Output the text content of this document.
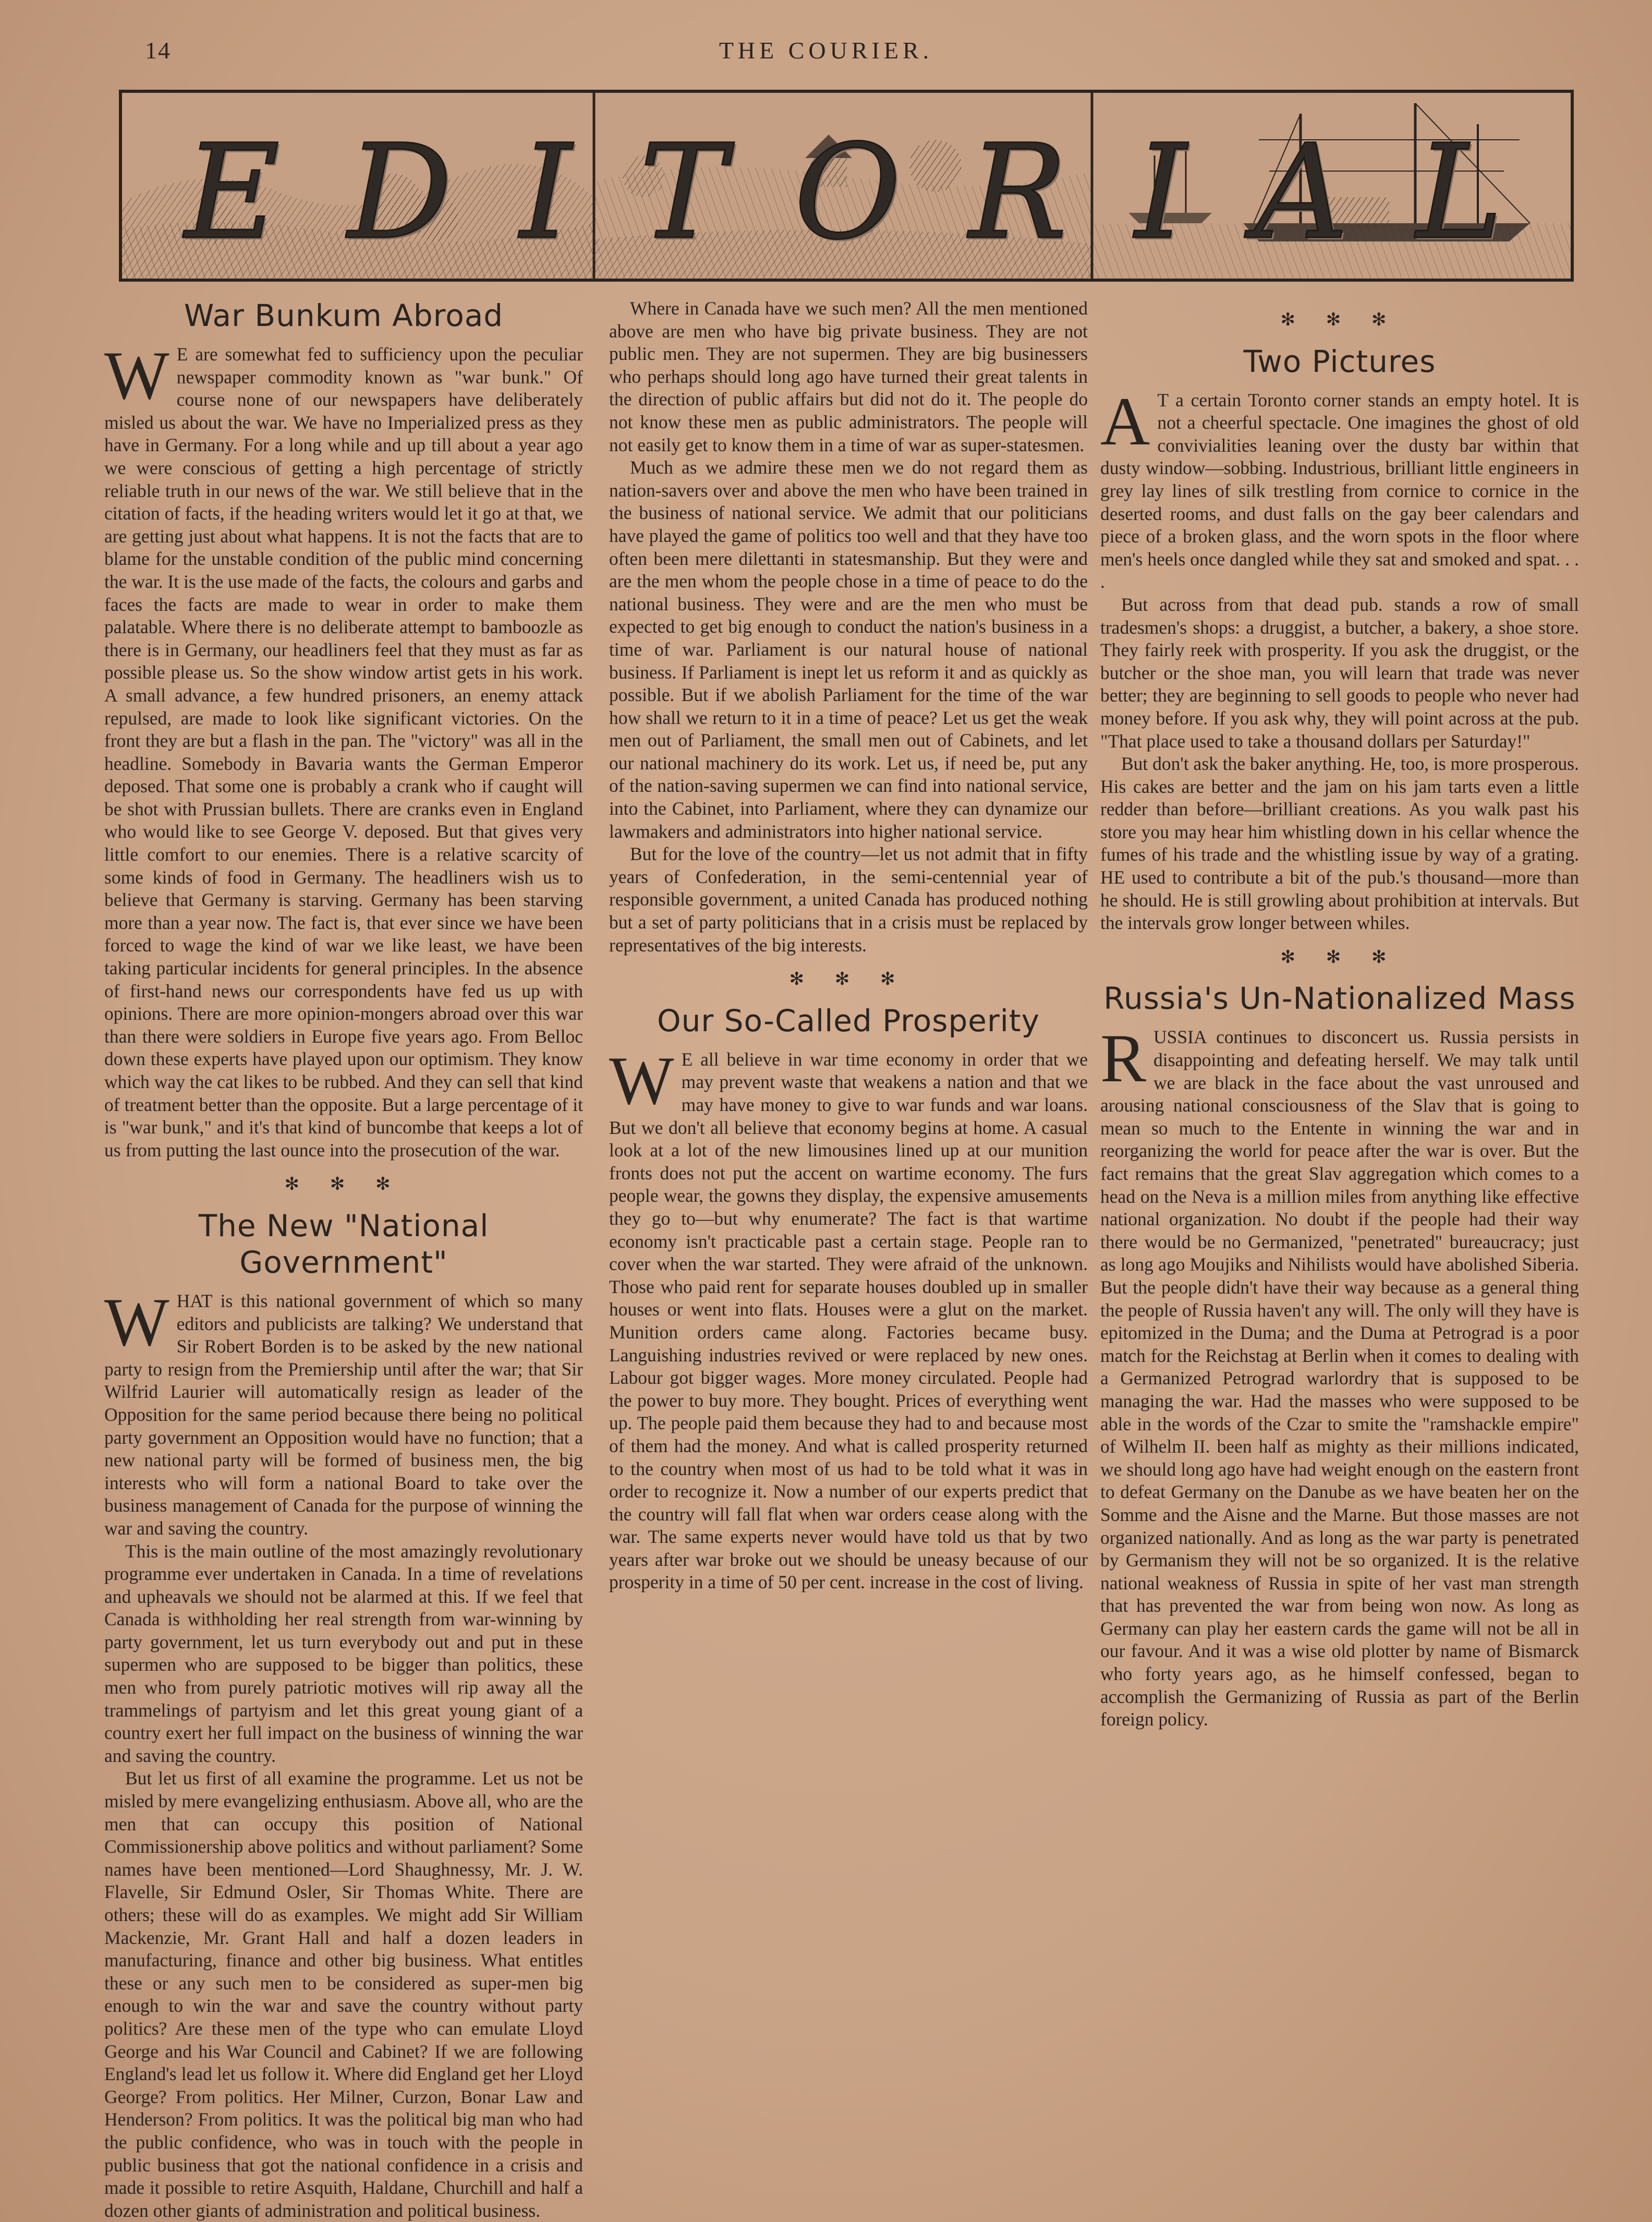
14	THE COURIER.
E D I T O R I A L
War Bunkum Abroad

W E are somewhat fed to sufficiency upon the peculiar newspaper commodity known as "war bunk." Of course none of our newspapers have deliberately misled us about the war. We have no Imperialized press as they have in Germany. For a long while and up till about a year ago we were conscious of getting a high percentage of strictly reliable truth in our news of the war. We still believe that in the citation of facts, if the heading writers would let it go at that, we are getting just about what happens. It is not the facts that are to blame for the unstable condition of the public mind concerning the war. It is the use made of the facts, the colours and garbs and faces the facts are made to wear in order to make them palatable. Where there is no deliberate attempt to bamboozle as there is in Germany, our headliners feel that they must as far as possible please us. So the show window artist gets in his work. A small advance, a few hundred prisoners, an enemy attack repulsed, are made to look like significant victories. On the front they are but a flash in the pan. The "victory" was all in the headline. Somebody in Bavaria wants the German Emperor deposed. That some one is probably a crank who if caught will be shot with Prussian bullets. There are cranks even in England who would like to see George V. deposed. But that gives very little comfort to our enemies. There is a relative scarcity of some kinds of food in Germany. The headliners wish us to believe that Germany is starving. Germany has been starving more than a year now. The fact is, that ever since we have been forced to wage the kind of war we like least, we have been taking particular incidents for general principles. In the absence of first-hand news our correspondents have fed us up with opinions. There are more opinion-mongers abroad over this war than there were soldiers in Europe five years ago. From Belloc down these experts have played upon our optimism. They know which way the cat likes to be rubbed. And they can sell that kind of treatment better than the opposite. But a large percentage of it is "war bunk," and it's that kind of buncombe that keeps a lot of us from putting the last ounce into the prosecution of the war.

✻ ✻ ✻
The New "National Government"

WHAT is this national government of which so many editors and publicists are talking? We understand that Sir Robert Borden is to be asked by the new national party to resign from the Premiership until after the war; that Sir Wilfrid Laurier will automatically resign as leader of the Opposition for the same period because there being no political party government an Opposition would have no function; that a new national party will be formed of business men, the big interests who will form a national Board to take over the business management of Canada for the purpose of winning the war and saving the country.

This is the main outline of the most amazingly revolutionary programme ever undertaken in Canada. In a time of revelations and upheavals we should not be alarmed at this. If we feel that Canada is withholding her real strength from war-winning by party government, let us turn everybody out and put in these supermen who are supposed to be bigger than politics, these men who from purely patriotic motives will rip away all the trammelings of partyism and let this great young giant of a country exert her full impact on the business of winning the war and saving the country.

But let us first of all examine the programme. Let us not be misled by mere evangelizing enthusiasm. Above all, who are the men that can occupy this position of National Commissionership above politics and without parliament? Some names have been mentioned—Lord Shaughnessy, Mr. J. W. Flavelle, Sir Edmund Osler, Sir Thomas White. There are others; these will do as examples. We might add Sir William Mackenzie, Mr. Grant Hall and half a dozen leaders in manufacturing, finance and other big business. What entitles these or any such men to be considered as super-men big enough to win the war and save the country without party politics? Are these men of the type who can emulate Lloyd George and his War Council and Cabinet? If we are following England's lead let us follow it. Where did England get her Lloyd George? From politics. Her Milner, Curzon, Bonar Law and Henderson? From politics. It was the political big man who had the public confidence, who was in touch with the people in public business that got the national confidence in a crisis and made it possible to retire Asquith, Haldane, Churchill and half a dozen other giants of administration and political business.

Where in Canada have we such men? All the men mentioned above are men who have big private business. They are not public men. They are not supermen. They are big businessers who perhaps should long ago have turned their great talents in the direction of public affairs but did not do it. The people do not know these men as public administrators. The people will not easily get to know them in a time of war as super-statesmen.

Much as we admire these men we do not regard them as nation-savers over and above the men who have been trained in the business of national service. We admit that our politicians have played the game of politics too well and that they have too often been mere dilettanti in statesmanship. But they were and are the men whom the people chose in a time of peace to do the national business. They were and are the men who must be expected to get big enough to conduct the nation's business in a time of war. Parliament is our natural house of national business. If Parliament is inept let us reform it and as quickly as possible. But if we abolish Parliament for the time of the war how shall we return to it in a time of peace? Let us get the weak men out of Parliament, the small men out of Cabinets, and let our national machinery do its work. Let us, if need be, put any of the nation-saving supermen we can find into national service, into the Cabinet, into Parliament, where they can dynamize our lawmakers and administrators into higher national service.

But for the love of the country—let us not admit that in fifty years of Confederation, in the semi-centennial year of responsible government, a united Canada has produced nothing but a set of party politicians that in a crisis must be replaced by representatives of the big interests.

✻ ✻ ✻
Our So-Called Prosperity

W E all believe in war time economy in order that we may prevent waste that weakens a nation and that we may have money to give to war funds and war loans. But we don't all believe that economy begins at home. A casual look at a lot of the new limousines lined up at our munition fronts does not put the accent on wartime economy. The furs people wear, the gowns they display, the expensive amusements they go to—but why enumerate? The fact is that wartime economy isn't practicable past a certain stage. People ran to cover when the war started. They were afraid of the unknown. Those who paid rent for separate houses doubled up in smaller houses or went into flats. Houses were a glut on the market. Munition orders came along. Factories became busy. Languishing industries revived or were replaced by new ones. Labour got bigger wages. More money circulated. People had the power to buy more. They bought. Prices of everything went up. The people paid them because they had to and because most of them had the money. And what is called prosperity returned to the country when most of us had to be told what it was in order to recognize it. Now a number of our experts predict that the country will fall flat when war orders cease along with the war. The same experts never would have told us that by two years after war broke out we should be uneasy because of our prosperity in a time of 50 per cent. increase in the cost of living.

✻ ✻ ✻
Two Pictures

A T a certain Toronto corner stands an empty hotel. It is not a cheerful spectacle. One imagines the ghost of old convivialities leaning over the dusty bar within that dusty window—sobbing. Industrious, brilliant little engineers in grey lay lines of silk trestling from cornice to cornice in the deserted rooms, and dust falls on the gay beer calendars and piece of a broken glass, and the worn spots in the floor where men's heels once dangled while they sat and smoked and spat. . . .

But across from that dead pub. stands a row of small tradesmen's shops: a druggist, a butcher, a bakery, a shoe store. They fairly reek with prosperity. If you ask the druggist, or the butcher or the shoe man, you will learn that trade was never better; they are beginning to sell goods to people who never had money before. If you ask why, they will point across at the pub. "That place used to take a thousand dollars per Saturday!"

But don't ask the baker anything. He, too, is more prosperous. His cakes are better and the jam on his jam tarts even a little redder than before—brilliant creations. As you walk past his store you may hear him whistling down in his cellar whence the fumes of his trade and the whistling issue by way of a grating. HE used to contribute a bit of the pub.'s thousand—more than he should. He is still growling about prohibition at intervals. But the intervals grow longer between whiles.

✻ ✻ ✻
Russia's Un-Nationalized Mass

RUSSIA continues to disconcert us. Russia persists in disappointing and defeating herself. We may talk until we are black in the face about the vast unroused and arousing national consciousness of the Slav that is going to mean so much to the Entente in winning the war and in reorganizing the world for peace after the war is over. But the fact remains that the great Slav aggregation which comes to a head on the Neva is a million miles from anything like effective national organization. No doubt if the people had their way there would be no Germanized, "penetrated" bureaucracy; just as long ago Moujiks and Nihilists would have abolished Siberia. But the people didn't have their way because as a general thing the people of Russia haven't any will. The only will they have is epitomized in the Duma; and the Duma at Petrograd is a poor match for the Reichstag at Berlin when it comes to dealing with a Germanized Petrograd warlordry that is supposed to be managing the war. Had the masses who were supposed to be able in the words of the Czar to smite the "ramshackle empire" of Wilhelm II. been half as mighty as their millions indicated, we should long ago have had weight enough on the eastern front to defeat Germany on the Danube as we have beaten her on the Somme and the Aisne and the Marne. But those masses are not organized nationally. And as long as the war party is penetrated by Germanism they will not be so organized. It is the relative national weakness of Russia in spite of her vast man strength that has prevented the war from being won now. As long as Germany can play her eastern cards the game will not be all in our favour. And it was a wise old plotter by name of Bismarck who forty years ago, as he himself confessed, began to accomplish the Germanizing of Russia as part of the Berlin foreign policy.
